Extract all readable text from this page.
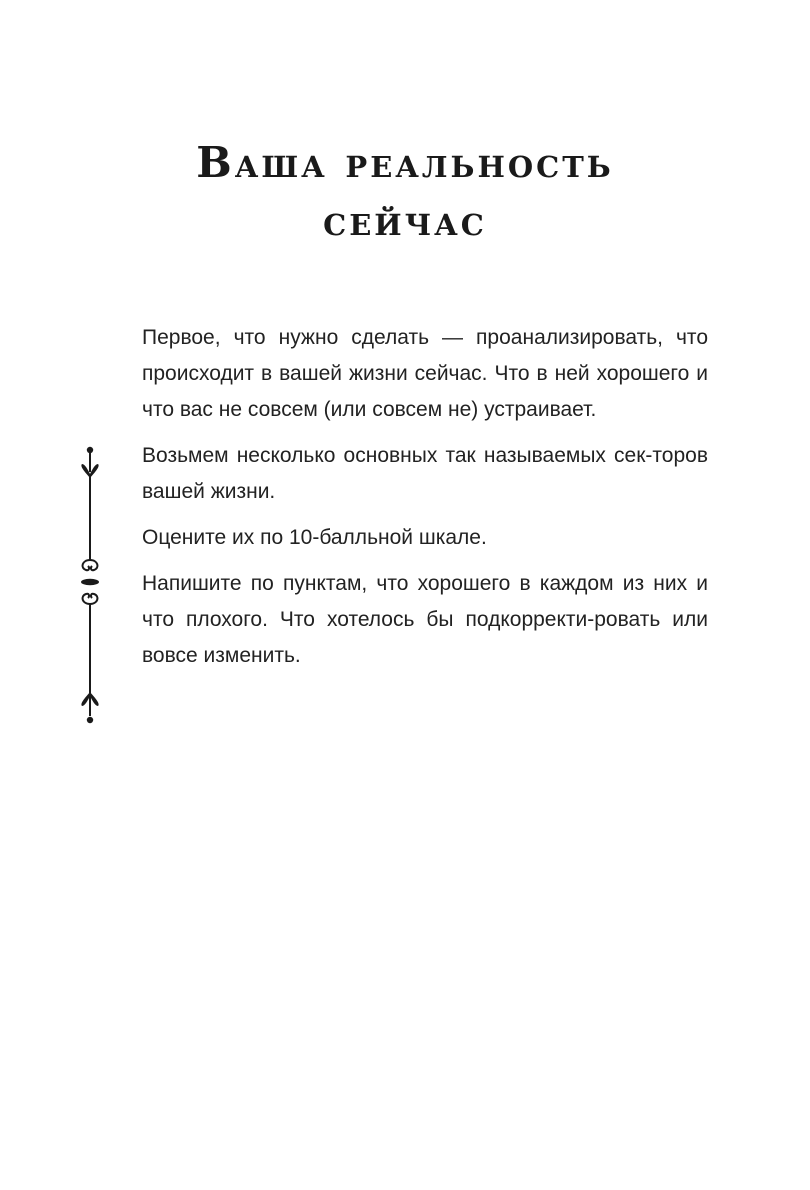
Ваша реальность
сейчас

Первое, что нужно сделать — проанализировать, что происходит в вашей жизни сейчас. Что в ней хорошего и что вас не совсем (или совсем не) устраивает.

Возьмем несколько основных так называемых сек-торов вашей жизни.

Оцените их по 10-балльной шкале.

Напишите по пунктам, что хорошего в каждом из них и что плохого. Что хотелось бы подкорректи-ровать или вовсе изменить.
